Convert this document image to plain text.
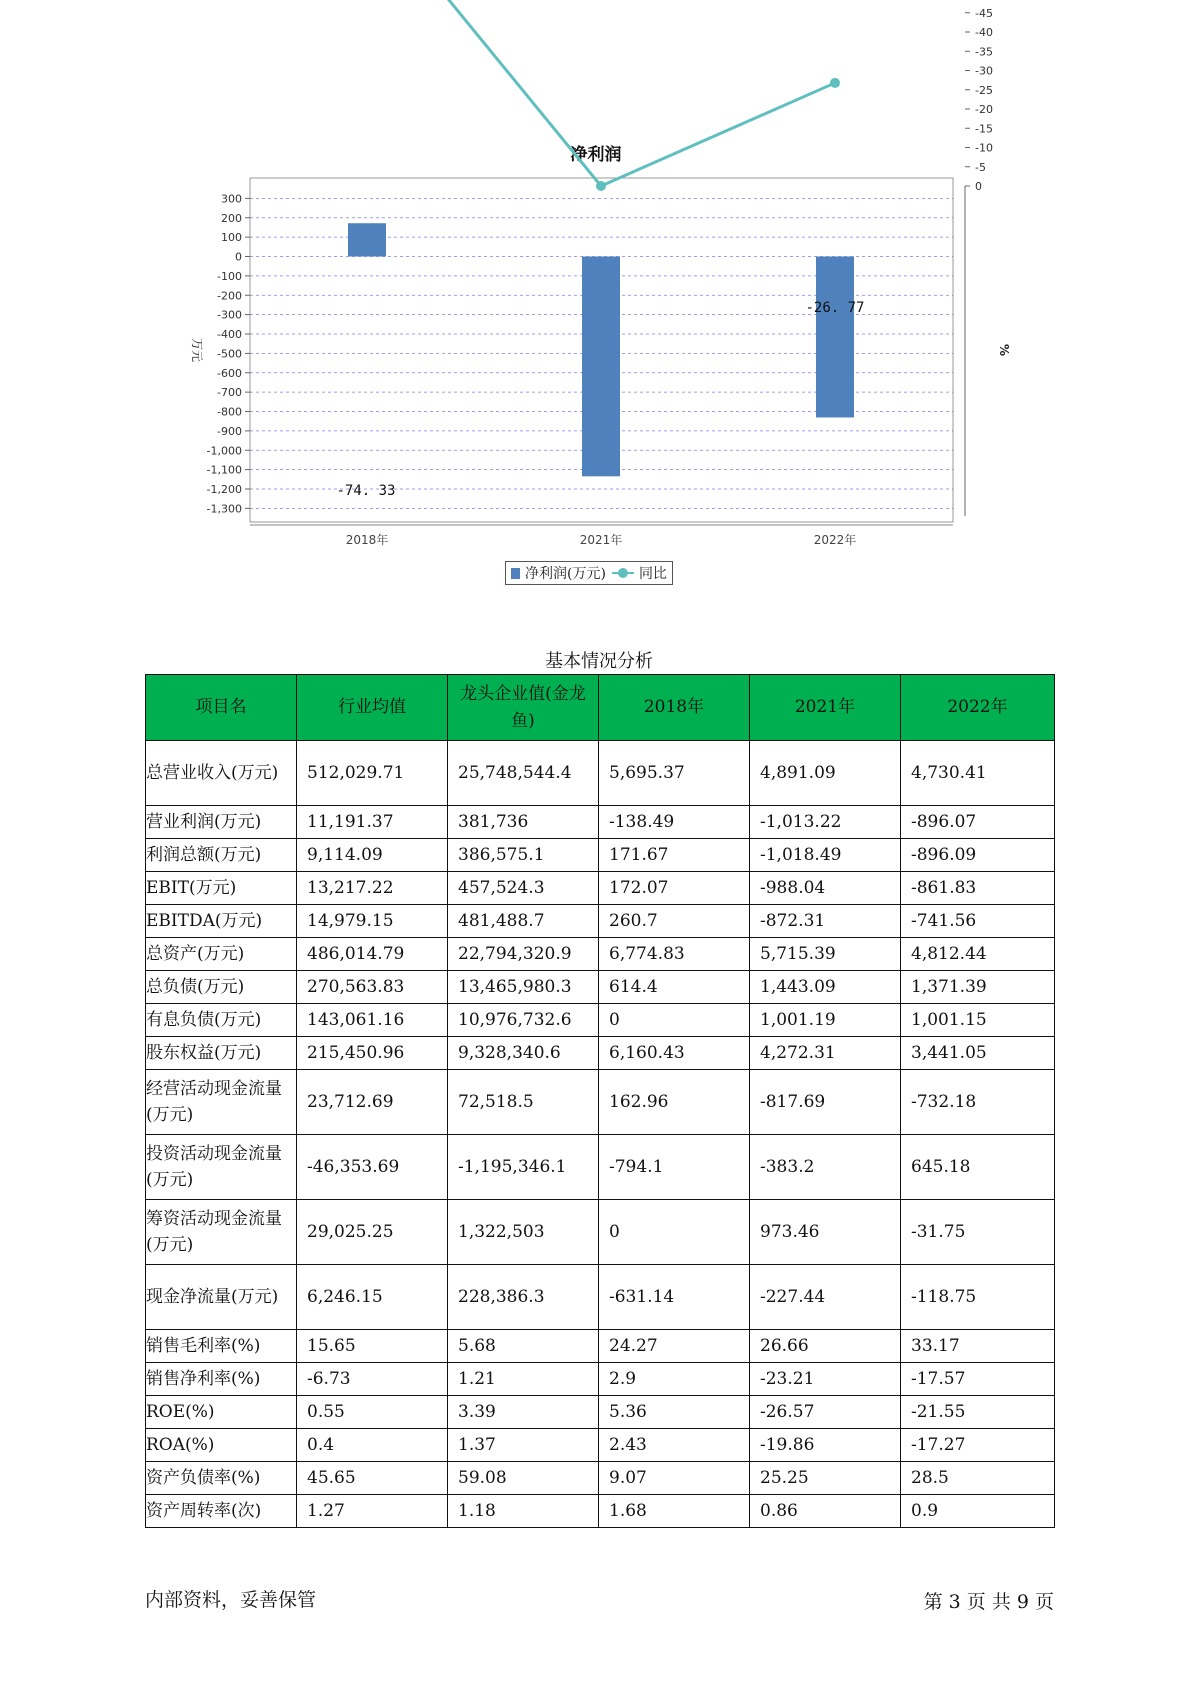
净利润
300
200
100
0
-100
-200
-300
-400
-500
-600
-700
-800
-900
-1,000
-1,100
-1,200
-1,300
0
-5
-10
-15
-20
-25
-30
-35
-40
-45
2018年	2021年	2022年
-74. 33
-26. 77
万元	%
净利润(万元) 同比
基本情况分析
项目名	行业均值	龙头企业值(金龙鱼)	2018年	2021年	2022年
总营业收入(万元)	512,029.71	25,748,544.4	5,695.37	4,891.09	4,730.41
营业利润(万元)	11,191.37	381,736	-138.49	-1,013.22	-896.07
利润总额(万元)	9,114.09	386,575.1	171.67	-1,018.49	-896.09
EBIT(万元)	13,217.22	457,524.3	172.07	-988.04	-861.83
EBITDA(万元)	14,979.15	481,488.7	260.7	-872.31	-741.56
总资产(万元)	486,014.79	22,794,320.9	6,774.83	5,715.39	4,812.44
总负债(万元)	270,563.83	13,465,980.3	614.4	1,443.09	1,371.39
有息负债(万元)	143,061.16	10,976,732.6	0	1,001.19	1,001.15
股东权益(万元)	215,450.96	9,328,340.6	6,160.43	4,272.31	3,441.05
经营活动现金流量(万元)	23,712.69	72,518.5	162.96	-817.69	-732.18
投资活动现金流量(万元)	-46,353.69	-1,195,346.1	-794.1	-383.2	645.18
筹资活动现金流量(万元)	29,025.25	1,322,503	0	973.46	-31.75
现金净流量(万元)	6,246.15	228,386.3	-631.14	-227.44	-118.75
销售毛利率(%)	15.65	5.68	24.27	26.66	33.17
销售净利率(%)	-6.73	1.21	2.9	-23.21	-17.57
ROE(%)	0.55	3.39	5.36	-26.57	-21.55
ROA(%)	0.4	1.37	2.43	-19.86	-17.27
资产负债率(%)	45.65	59.08	9.07	25.25	28.5
资产周转率(次)	1.27	1.18	1.68	0.86	0.9
内部资料，妥善保管	第 3 页 共 9 页
